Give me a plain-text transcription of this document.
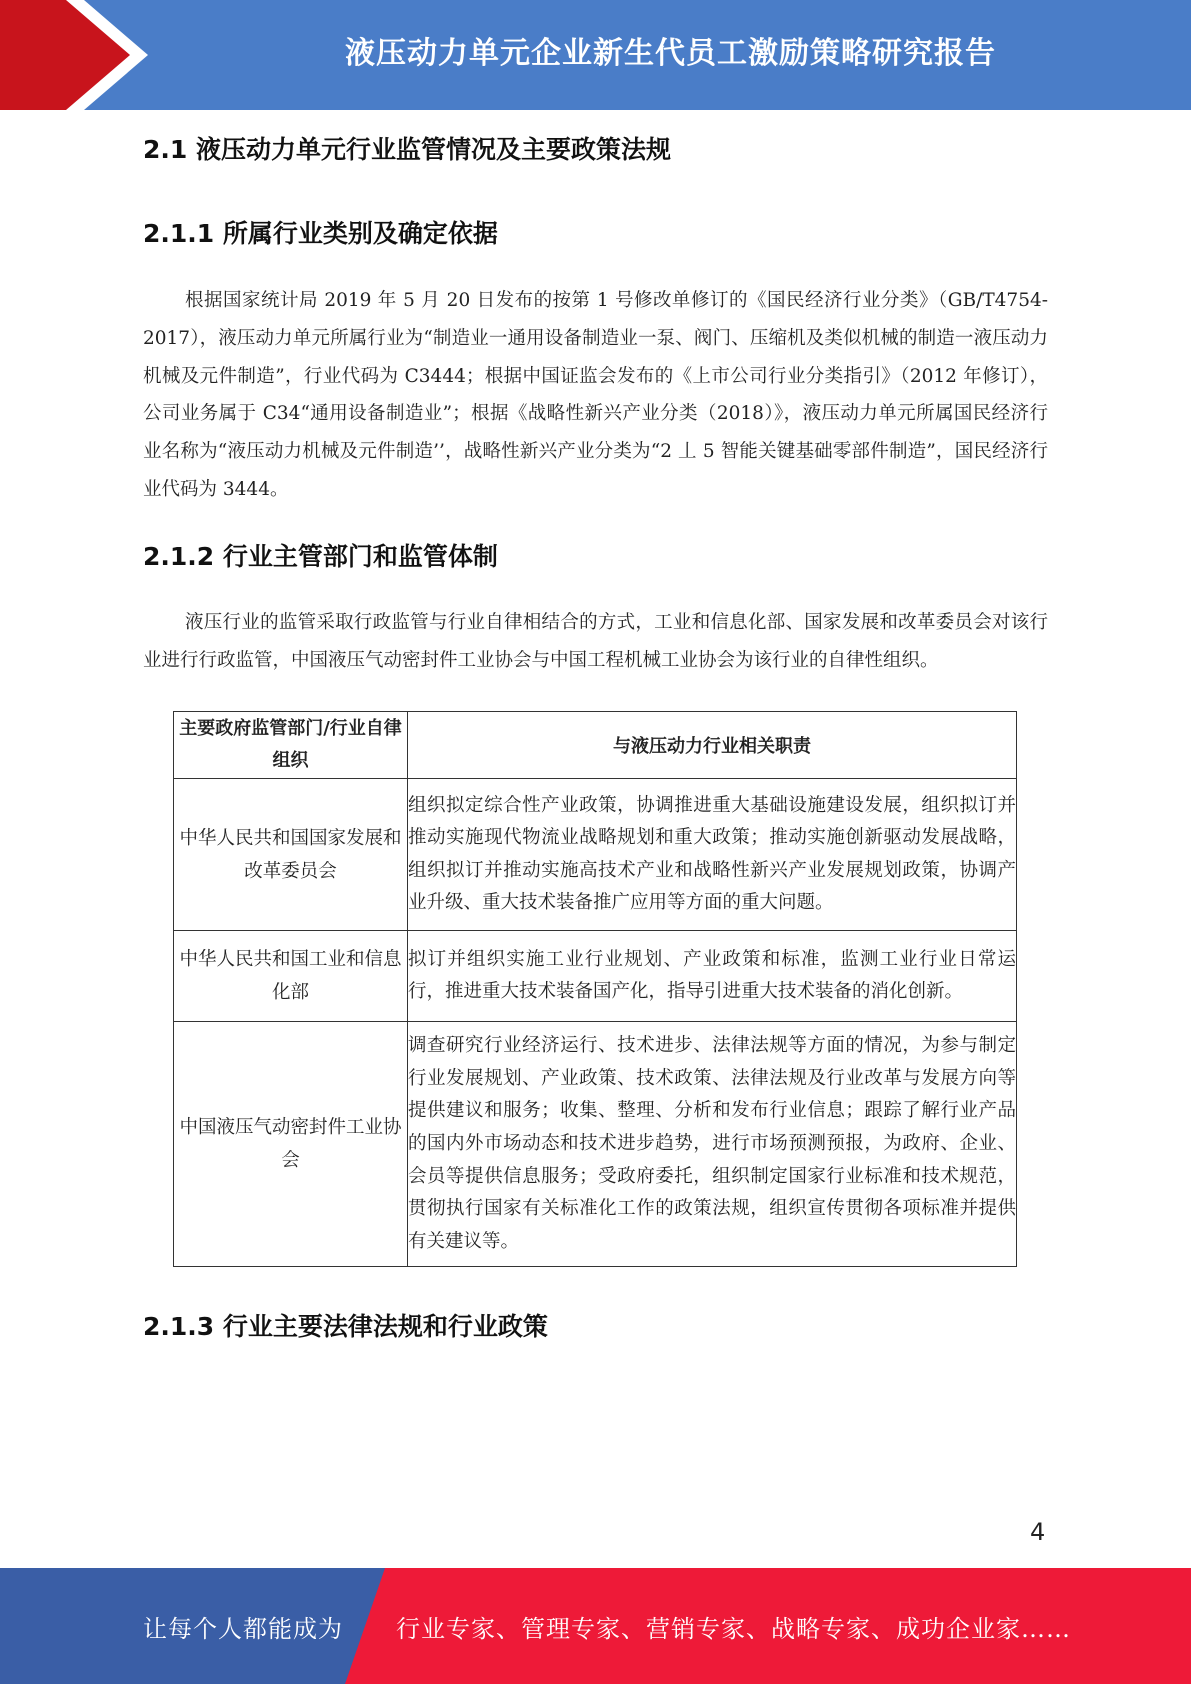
液压动力单元企业新生代员工激励策略研究报告
2.1 液压动力单元行业监管情况及主要政策法规
2.1.1 所属行业类别及确定依据

根据国家统计局 2019 年 5 月 20 日发布的按第 1 号修改单修订的《国民经济行业分类》（GB/T4754-2017），液压动力单元所属行业为“制造业一通用设备制造业一泵、阀门、压缩机及类似机械的制造一液压动力机械及元件制造”，行业代码为 C3444；根据中国证监会发布的《上市公司行业分类指引》（2012 年修订），公司业务属于 C34“通用设备制造业”；根据《战略性新兴产业分类（2018）》，液压动力单元所属国民经济行业名称为“液压动力机械及元件制造’’，战略性新兴产业分类为“2 丄 5 智能关键基础零部件制造”，国民经济行业代码为 3444。

2.1.2 行业主管部门和监管体制

液压行业的监管采取行政监管与行业自律相结合的方式，工业和信息化部、国家发展和改革委员会对该行业进行行政监管，中国液压气动密封件工业协会与中国工程机械工业协会为该行业的自律性组织。

主要政府监管部门/行业自律组织	与液压动力行业相关职责
中华人民共和国国家发展和改革委员会	组织拟定综合性产业政策，协调推进重大基础设施建设发展，组织拟订并推动实施现代物流业战略规划和重大政策；推动实施创新驱动发展战略，组织拟订并推动实施高技术产业和战略性新兴产业发展规划政策，协调产业升级、重大技术装备推广应用等方面的重大问题。
中华人民共和国工业和信息化部	拟订并组织实施工业行业规划、产业政策和标准，监测工业行业日常运行，推进重大技术装备国产化，指导引进重大技术装备的消化创新。
中国液压气动密封件工业协会	调查研究行业经济运行、技术进步、法律法规等方面的情况，为参与制定行业发展规划、产业政策、技术政策、法律法规及行业改革与发展方向等提供建议和服务；收集、整理、分析和发布行业信息；跟踪了解行业产品的国内外市场动态和技术进步趋势，进行市场预测预报，为政府、企业、会员等提供信息服务；受政府委托，组织制定国家行业标准和技术规范，贯彻执行国家有关标准化工作的政策法规，组织宣传贯彻各项标准并提供有关建议等。
2.1.3 行业主要法律法规和行业政策
4
让每个人都能成为 行业专家、管理专家、营销专家、战略专家、成功企业家……
